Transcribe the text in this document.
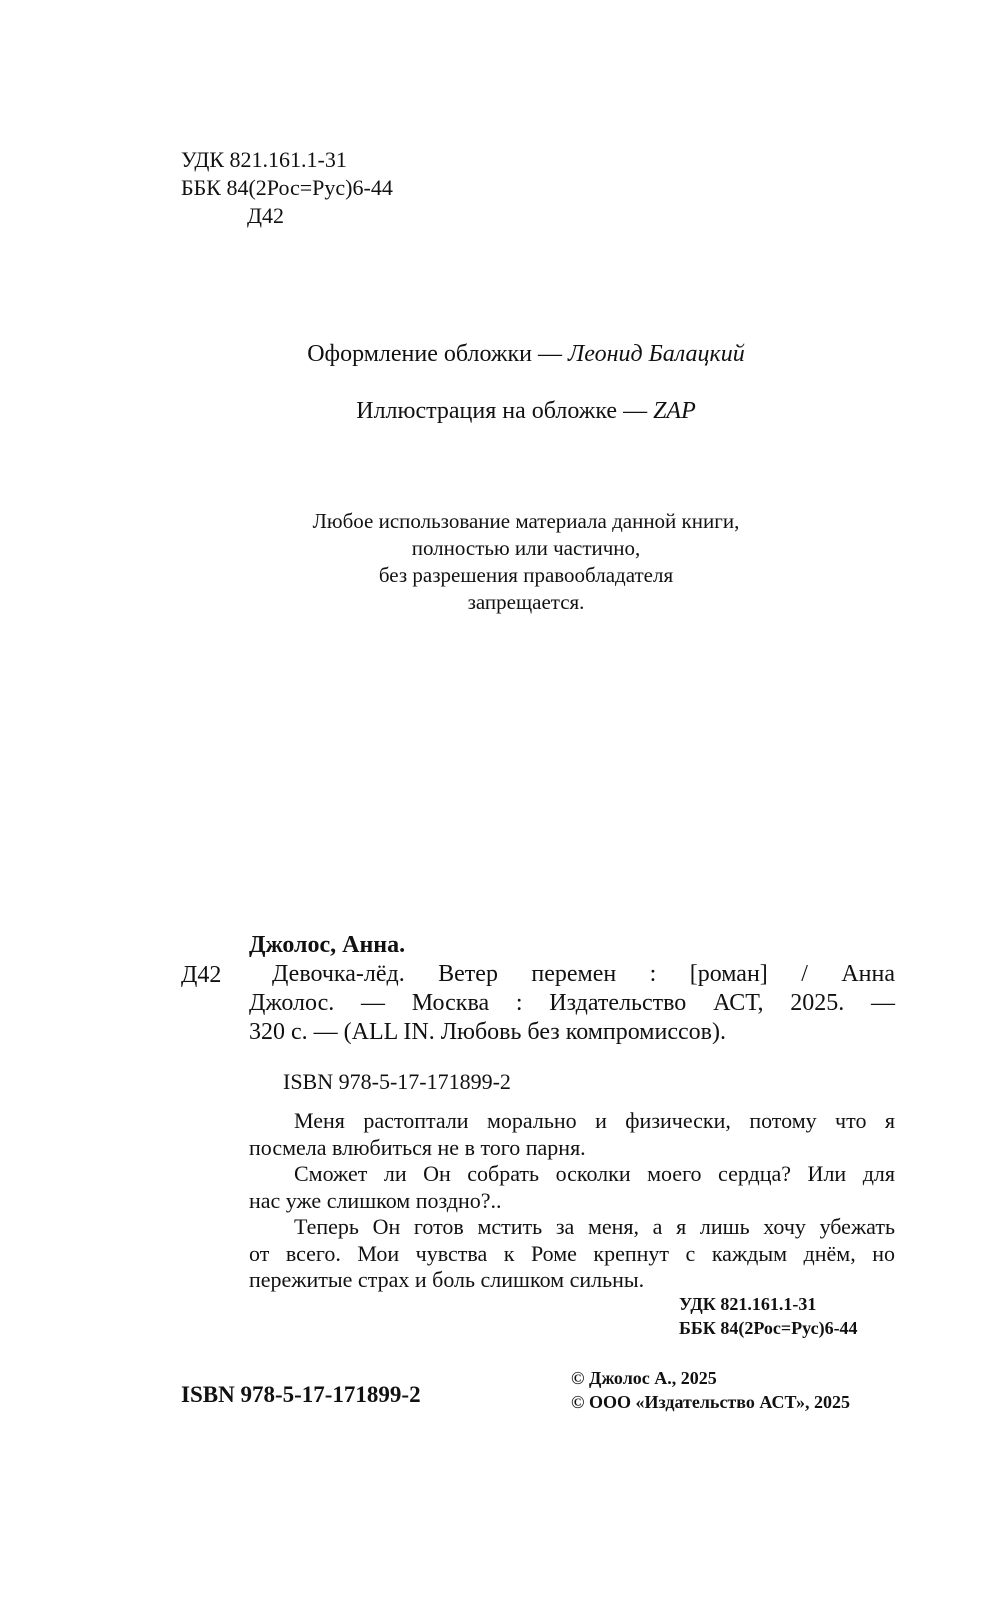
УДК 821.161.1-31
ББК 84(2Рос=Рус)6-44
Д42
Оформление обложки — Леонид Балацкий
Иллюстрация на обложке — ZAP
Любое использование материала данной книги,
полностью или частично,
без разрешения правообладателя
запрещается.
Джолос, Анна.
Д42 Девочка-лёд. Ветер перемен : [роман] / Анна
Джолос. — Москва : Издательство АСТ, 2025. —
320 с. — (ALL IN. Любовь без компромиссов).
ISBN 978-5-17-171899-2
Меня растоптали морально и физически, потому что я
посмела влюбиться не в того парня.
Сможет ли Он собрать осколки моего сердца? Или для
нас уже слишком поздно?..
Теперь Он готов мстить за меня, а я лишь хочу убежать
от всего. Мои чувства к Роме крепнут с каждым днём, но
пережитые страх и боль слишком сильны.
УДК 821.161.1-31
ББК 84(2Рос=Рус)6-44
ISBN 978-5-17-171899-2
© Джолос А., 2025
© ООО «Издательство АСТ», 2025
